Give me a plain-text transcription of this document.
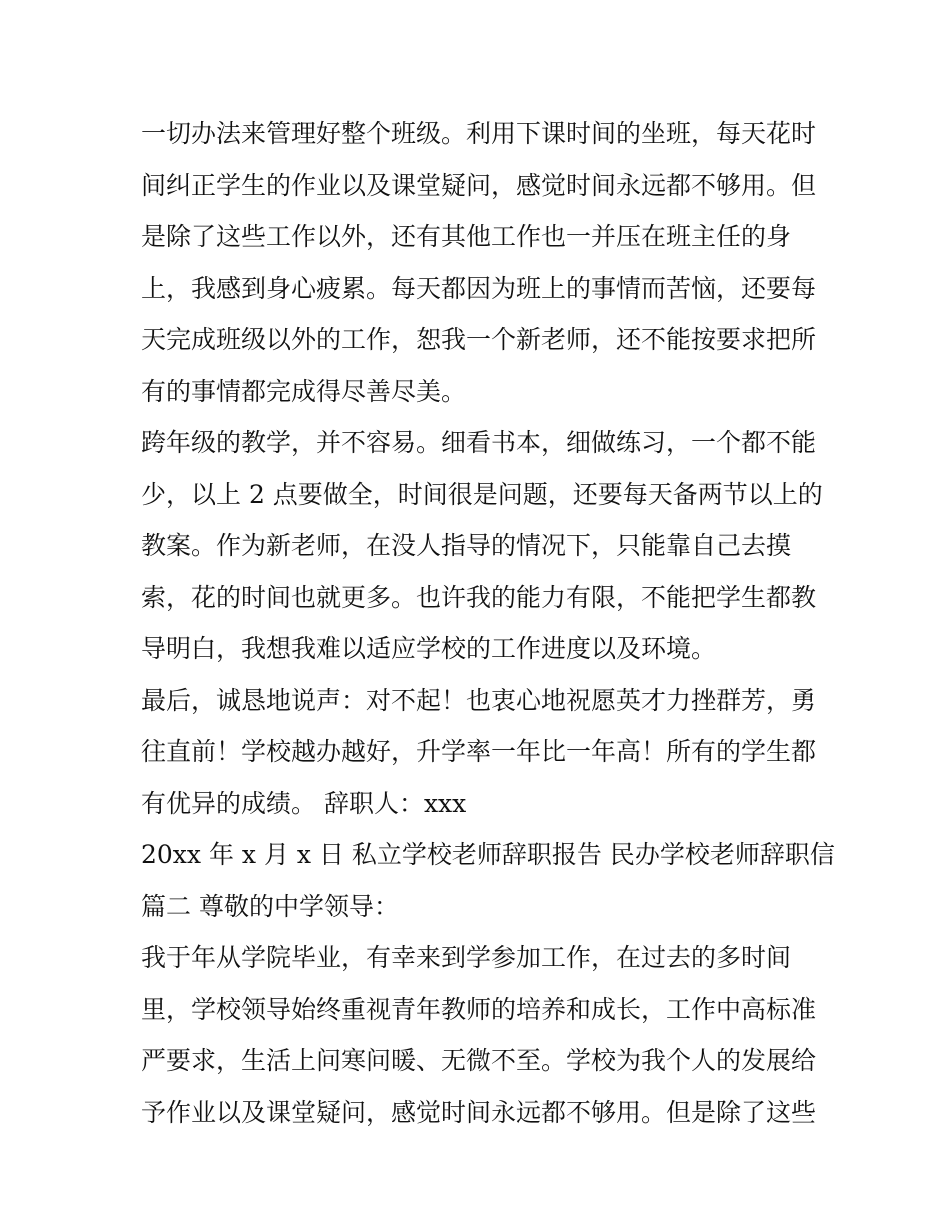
一切办法来管理好整个班级。利用下课时间的坐班，每天花时
间纠正学生的作业以及课堂疑问，感觉时间永远都不够用。但
是除了这些工作以外，还有其他工作也一并压在班主任的身
上，我感到身心疲累。每天都因为班上的事情而苦恼，还要每
天完成班级以外的工作，恕我一个新老师，还不能按要求把所
有的事情都完成得尽善尽美。
跨年级的教学，并不容易。细看书本，细做练习，一个都不能
少，以上 2 点要做全，时间很是问题，还要每天备两节以上的
教案。作为新老师，在没人指导的情况下，只能靠自己去摸
索，花的时间也就更多。也许我的能力有限，不能把学生都教
导明白，我想我难以适应学校的工作进度以及环境。
最后，诚恳地说声：对不起！也衷心地祝愿英才力挫群芳，勇
往直前！学校越办越好，升学率一年比一年高！所有的学生都
有优异的成绩。 辞职人：xxx
20xx 年 x 月 x 日 私立学校老师辞职报告 民办学校老师辞职信
篇二 尊敬的中学领导：
我于年从学院毕业，有幸来到学参加工作，在过去的多时间
里，学校领导始终重视青年教师的培养和成长，工作中高标准
严要求，生活上问寒问暖、无微不至。学校为我个人的发展给
予作业以及课堂疑问，感觉时间永远都不够用。但是除了这些
